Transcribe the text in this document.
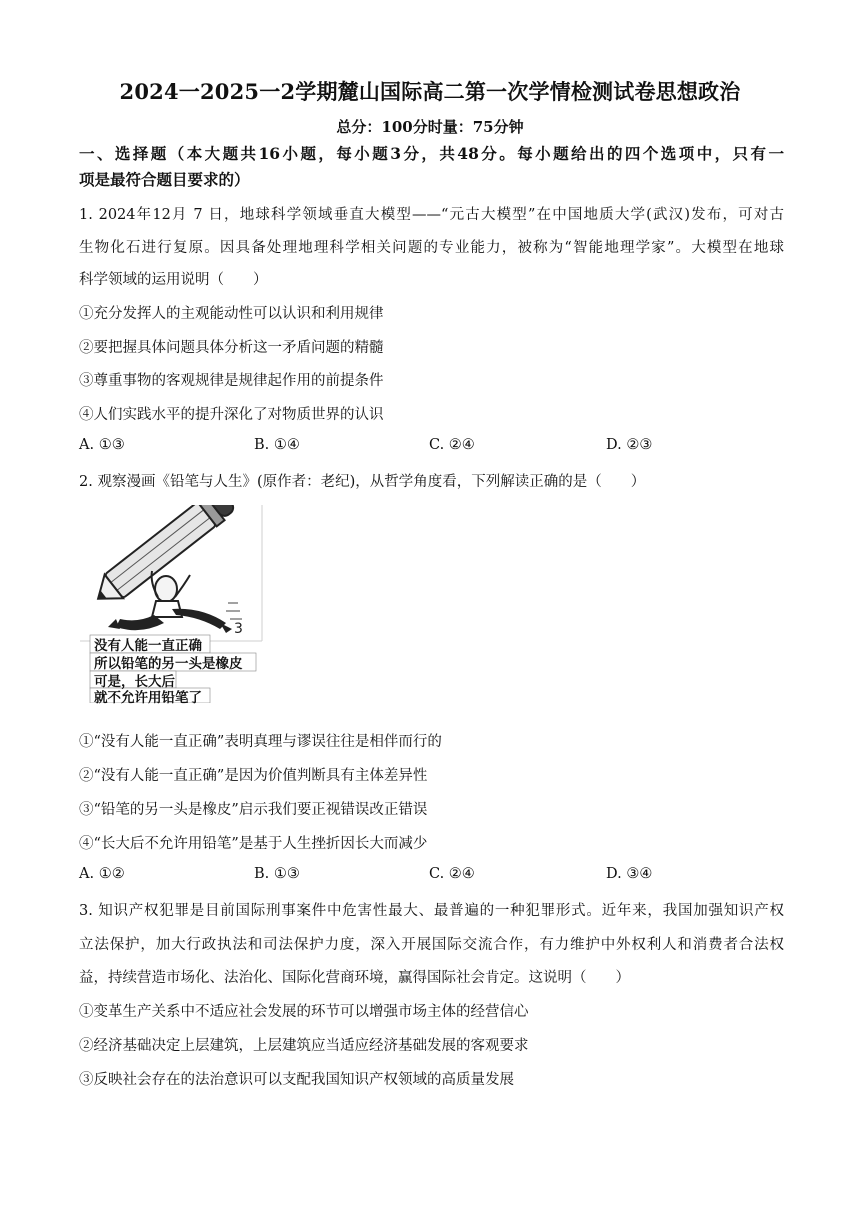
2024一2025一2学期麓山国际高二第一次学情检测试卷思想政治
总分：100分时量：75分钟
一、选择题（本大题共16小题，每小题3分，共48分。每小题给出的四个选项中，只有一
项是最符合题目要求的）
1. 2024年12月 7 日，地球科学领域垂直大模型——“元古大模型”在中国地质大学(武汉)发布，可对古
生物化石进行复原。因具备处理地理科学相关问题的专业能力，被称为“智能地理学家”。大模型在地球
科学领域的运用说明（　　）
①充分发挥人的主观能动性可以认识和利用规律
②要把握具体问题具体分析这一矛盾问题的精髓
③尊重事物的客观规律是规律起作用的前提条件
④人们实践水平的提升深化了对物质世界的认识
A. ①③	B. ①④	C. ②④	D. ②③
2. 观察漫画《铅笔与人生》(原作者：老纪)，从哲学角度看，下列解读正确的是（　　）
3
没有人能一直正确
所以铅笔的另一头是橡皮
可是，长大后
就不允许用铅笔了
①“没有人能一直正确”表明真理与谬误往往是相伴而行的
②“没有人能一直正确”是因为价值判断具有主体差异性
③“铅笔的另一头是橡皮”启示我们要正视错误改正错误
④“长大后不允许用铅笔”是基于人生挫折因长大而减少
A. ①②	B. ①③	C. ②④	D. ③④
3. 知识产权犯罪是目前国际刑事案件中危害性最大、最普遍的一种犯罪形式。近年来，我国加强知识产权
立法保护，加大行政执法和司法保护力度，深入开展国际交流合作，有力维护中外权利人和消费者合法权
益，持续营造市场化、法治化、国际化营商环境，赢得国际社会肯定。这说明（　　）
①变革生产关系中不适应社会发展的环节可以增强市场主体的经营信心
②经济基础决定上层建筑，上层建筑应当适应经济基础发展的客观要求
③反映社会存在的法治意识可以支配我国知识产权领域的高质量发展
